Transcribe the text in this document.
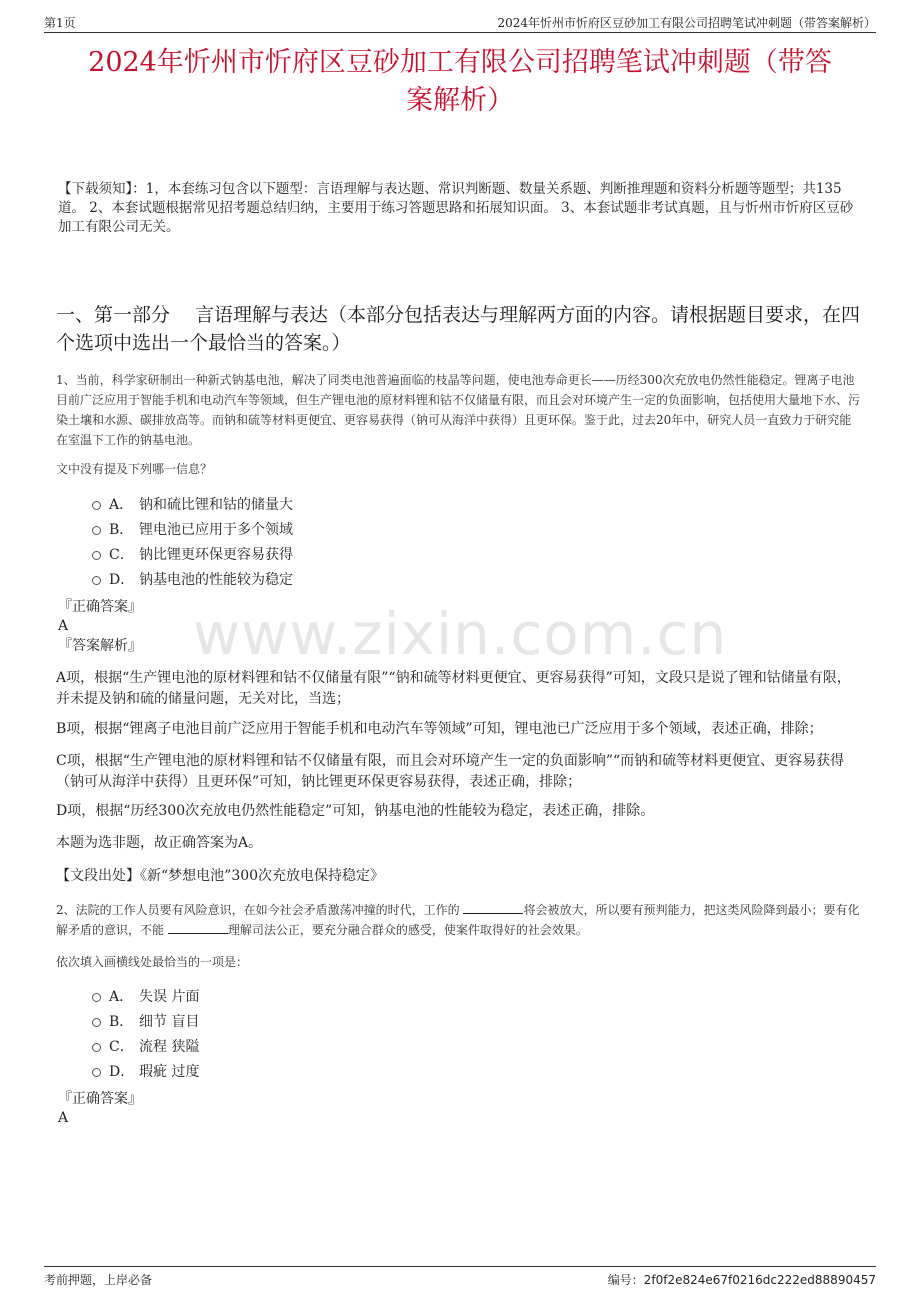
第1页	2024年忻州市忻府区豆砂加工有限公司招聘笔试冲刺题（带答案解析）
2024年忻州市忻府区豆砂加工有限公司招聘笔试冲刺题（带答
案解析）
【下载须知】：1，本套练习包含以下题型：言语理解与表达题、常识判断题、数量关系题、判断推理题和资料分析题等题型；共135道。 2、本套试题根据常见招考题总结归纳，主要用于练习答题思路和拓展知识面。 3、本套试题非考试真题，且与忻州市忻府区豆砂加工有限公司无关。
一、第一部分　 言语理解与表达（本部分包括表达与理解两方面的内容。请根据题目要求，在四个选项中选出一个最恰当的答案。）
1、当前，科学家研制出一种新式钠基电池，解决了同类电池普遍面临的枝晶等问题，使电池寿命更长——历经300次充放电仍然性能稳定。锂离子电池目前广泛应用于智能手机和电动汽车等领域，但生产锂电池的原材料锂和钴不仅储量有限，而且会对环境产生一定的负面影响，包括使用大量地下水、污染土壤和水源、碳排放高等。而钠和硫等材料更便宜、更容易获得（钠可从海洋中获得）且更环保。鉴于此，过去20年中，研究人员一直致力于研究能在室温下工作的钠基电池。
文中没有提及下列哪一信息？
A． 钠和硫比锂和钴的储量大
B． 锂电池已应用于多个领域
C． 钠比锂更环保更容易获得
D． 钠基电池的性能较为稳定
『正确答案』
A
『答案解析』
A项，根据“生产锂电池的原材料锂和钴不仅储量有限”“钠和硫等材料更便宜、更容易获得”可知，文段只是说了锂和钴储量有限，并未提及钠和硫的储量问题，无关对比，当选；
B项，根据“锂离子电池目前广泛应用于智能手机和电动汽车等领域”可知，锂电池已广泛应用于多个领域，表述正确，排除；
C项，根据“生产锂电池的原材料锂和钴不仅储量有限，而且会对环境产生一定的负面影响”“而钠和硫等材料更便宜、更容易获得（钠可从海洋中获得）且更环保”可知，钠比锂更环保更容易获得，表述正确，排除；
D项，根据“历经300次充放电仍然性能稳定”可知，钠基电池的性能较为稳定，表述正确，排除。
本题为选非题，故正确答案为A。
【文段出处】《新“梦想电池”300次充放电保持稳定》
2、法院的工作人员要有风险意识，在如今社会矛盾激荡冲撞的时代，工作的	将会被放大，所以要有预判能力，把这类风险降到最小；要有化解矛盾的意识，不能	理解司法公正，要充分融合群众的感受，使案件取得好的社会效果。
依次填入画横线处最恰当的一项是：
A． 失误 片面
B． 细节 盲目
C． 流程 狭隘
D． 瑕疵 过度
『正确答案』
A
www.zixin.com.cn
考前押题，上岸必备	编号：2f0f2e824e67f0216dc222ed88890457
